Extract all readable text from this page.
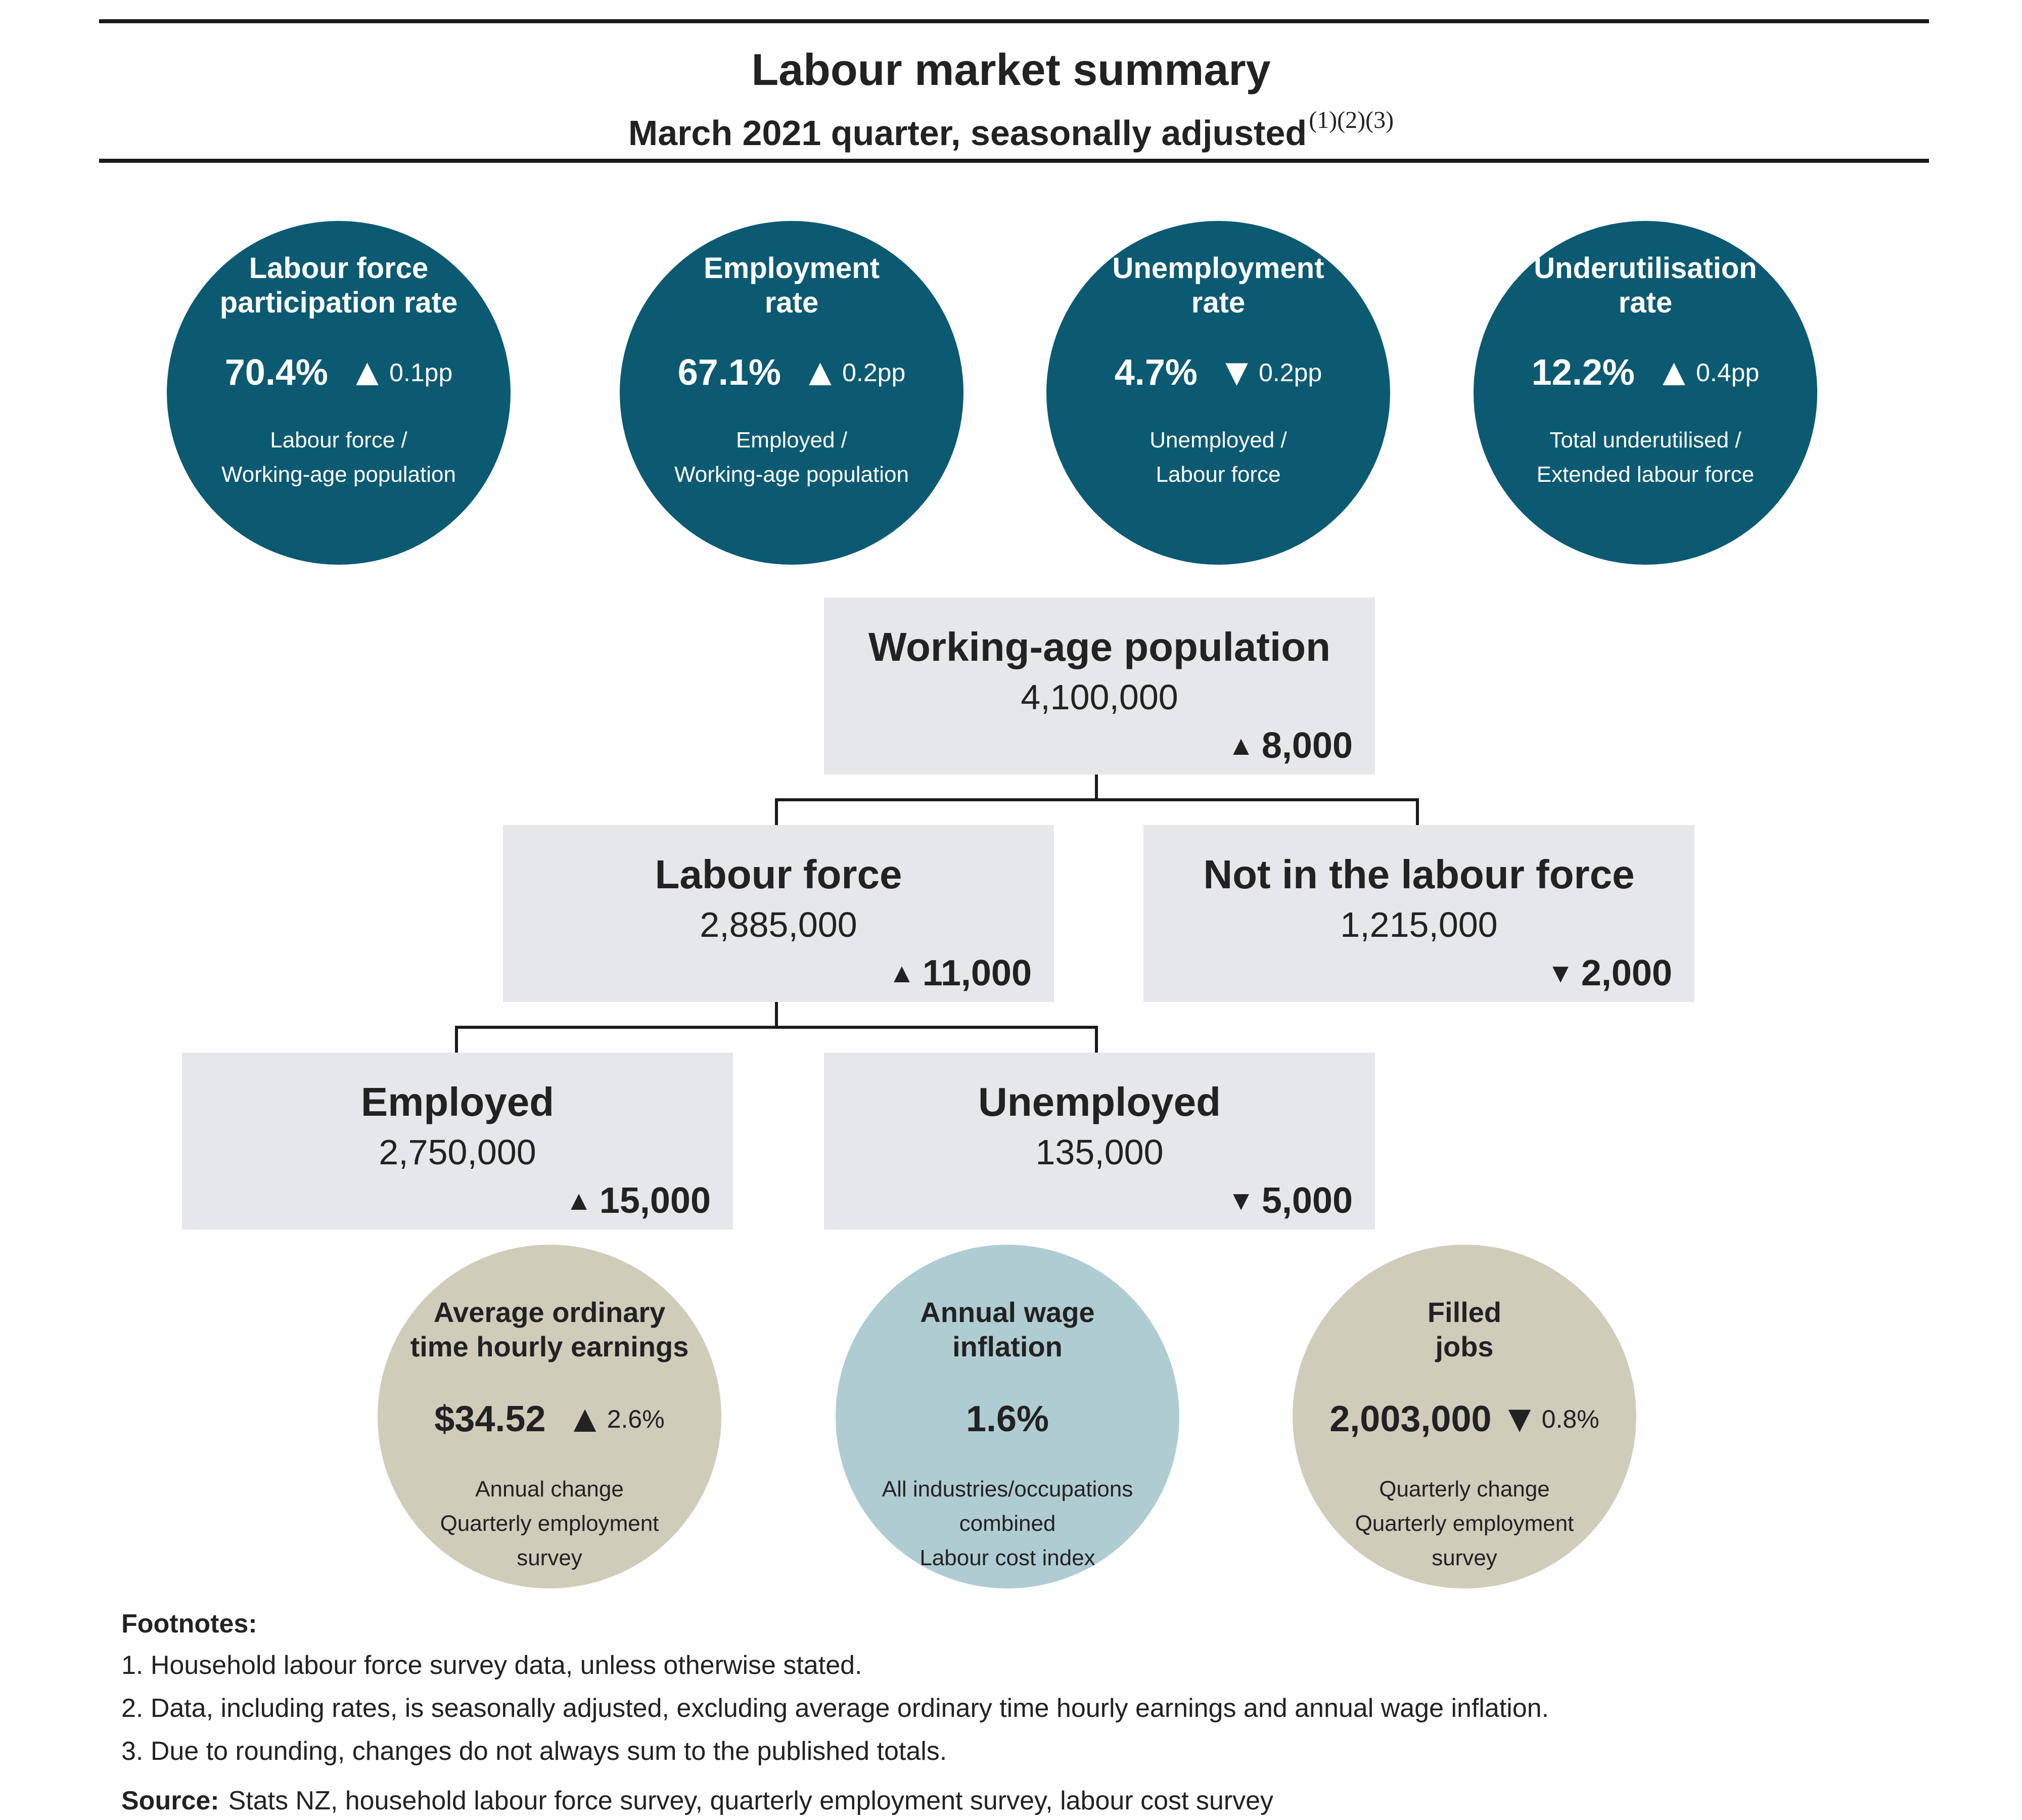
Labour market summary
March 2021 quarter, seasonally adjusted$^{(1)(2)(3)}$
Labour force participation rate
70.4% ▲ 0.1pp
Labour force /
Working-age population
Employment rate
67.1% ▲ 0.2pp
Employed /
Working-age population
Unemployment rate
4.7% ▼ 0.2pp
Unemployed /
Labour force
Underutilisation rate
12.2% ▲ 0.4pp
Total underutilised /
Extended labour force
Working-age population
4,100,000
▲ 8,000
Labour force
2,885,000
▲ 11,000
Not in the labour force
1,215,000
▼ 2,000
Employed
2,750,000
▲ 15,000
Unemployed
135,000
▼ 5,000
Average ordinary
time hourly earnings
$34.52 ▲ 2.6%
Annual change
Quarterly employment
survey
Annual wage
inflation
1.6%
All industries/occupations
combined
Labour cost index
Filled
jobs
2,003,000 ▼ 0.8%
Quarterly change
Quarterly employment
survey
Footnotes:
1. Household labour force survey data, unless otherwise stated.
2. Data, including rates, is seasonally adjusted, excluding average ordinary time hourly earnings and annual wage inflation.
3. Due to rounding, changes do not always sum to the published totals.
Source: Stats NZ, household labour force survey, quarterly employment survey, labour cost survey
